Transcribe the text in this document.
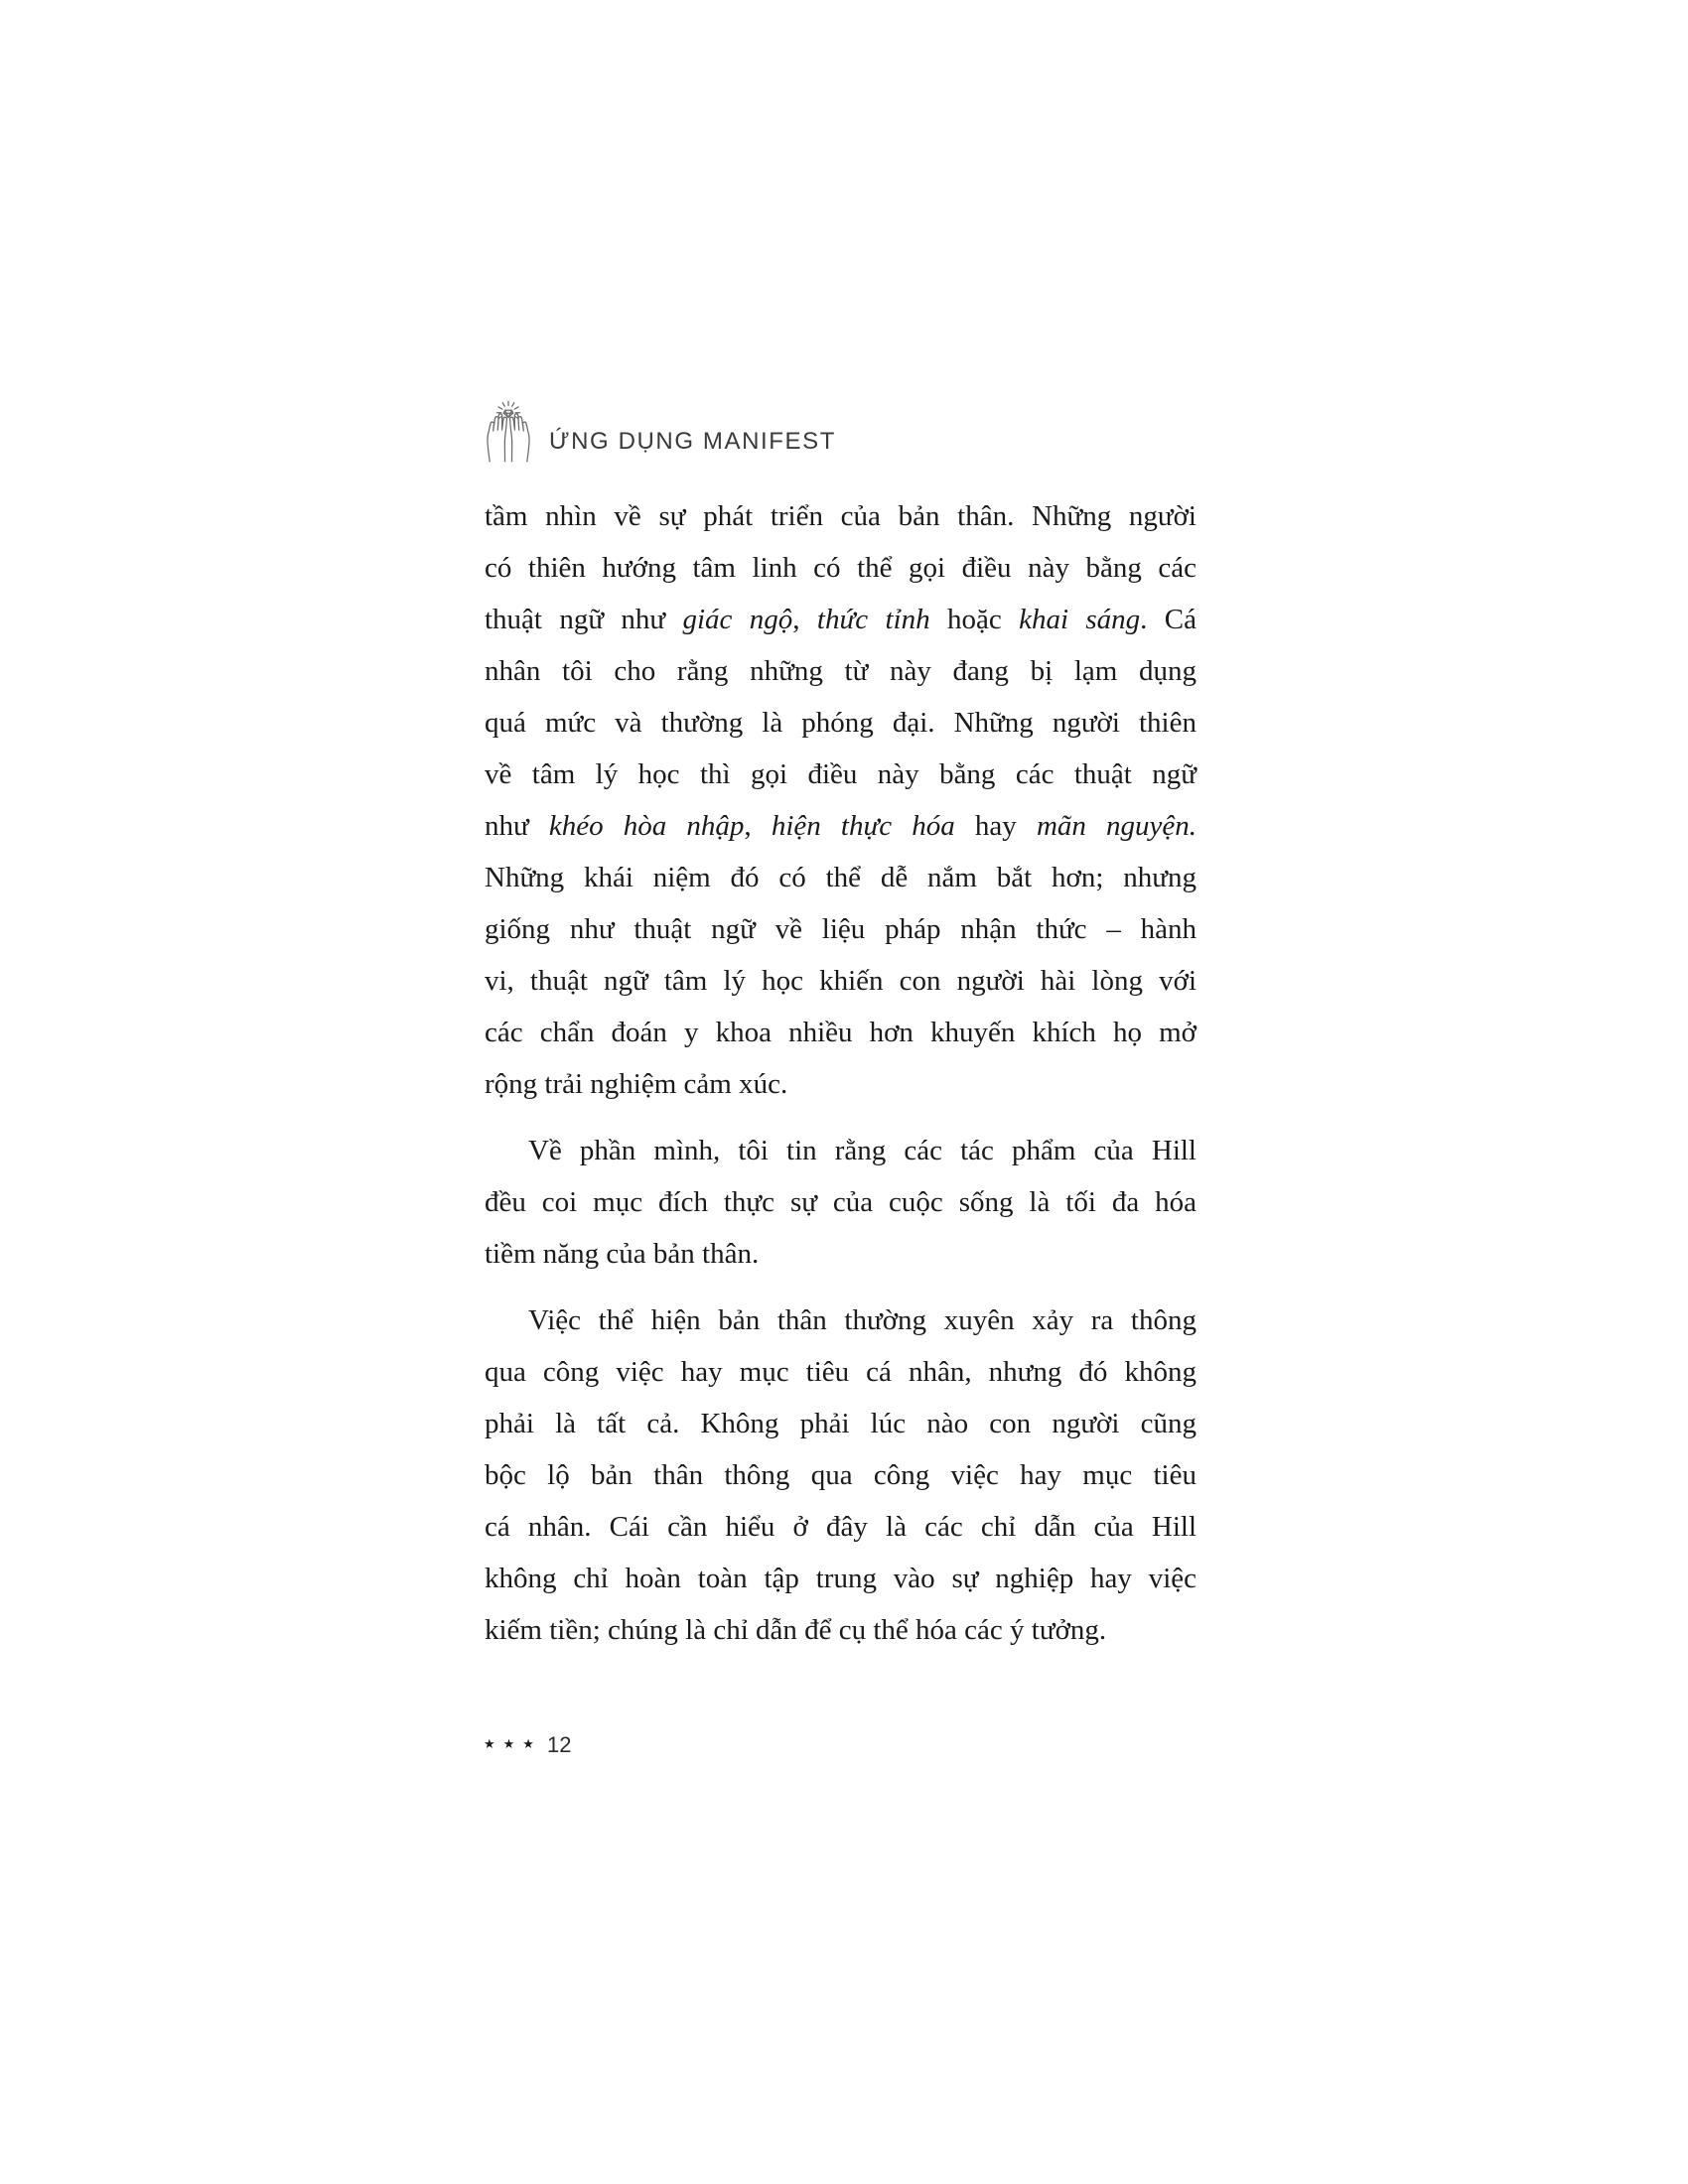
ỨNG DỤNG MANIFEST
tầm nhìn về sự phát triển của bản thân. Những người
có thiên hướng tâm linh có thể gọi điều này bằng các
thuật ngữ như giác ngộ, thức tỉnh hoặc khai sáng. Cá
nhân tôi cho rằng những từ này đang bị lạm dụng
quá mức và thường là phóng đại. Những người thiên
về tâm lý học thì gọi điều này bằng các thuật ngữ
như khéo hòa nhập, hiện thực hóa hay mãn nguyện.
Những khái niệm đó có thể dễ nắm bắt hơn; nhưng
giống như thuật ngữ về liệu pháp nhận thức – hành
vi, thuật ngữ tâm lý học khiến con người hài lòng với
các chẩn đoán y khoa nhiều hơn khuyến khích họ mở
rộng trải nghiệm cảm xúc.
Về phần mình, tôi tin rằng các tác phẩm của Hill
đều coi mục đích thực sự của cuộc sống là tối đa hóa
tiềm năng của bản thân.
Việc thể hiện bản thân thường xuyên xảy ra thông
qua công việc hay mục tiêu cá nhân, nhưng đó không
phải là tất cả. Không phải lúc nào con người cũng
bộc lộ bản thân thông qua công việc hay mục tiêu
cá nhân. Cái cần hiểu ở đây là các chỉ dẫn của Hill
không chỉ hoàn toàn tập trung vào sự nghiệp hay việc
kiếm tiền; chúng là chỉ dẫn để cụ thể hóa các ý tưởng.
★★★ 12
